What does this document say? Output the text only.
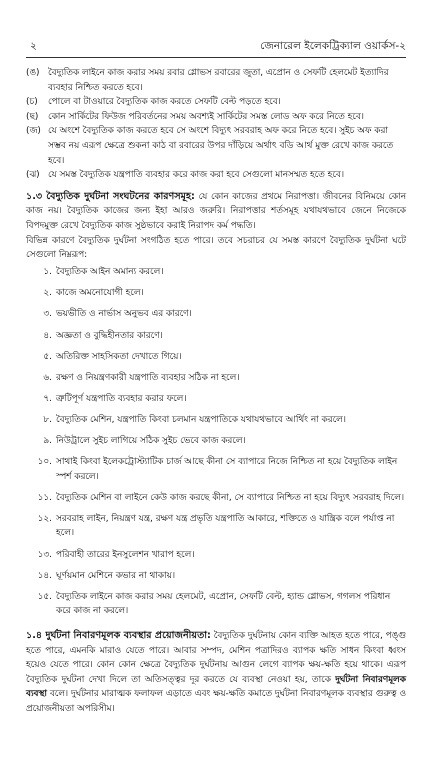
২	জেনারেল ইলেকট্রিক্যাল ওয়ার্কস-২
(ঙ) বৈদ্যুতিক লাইনে কাজ করার সময় রবার গ্লোভস রবারের জুতা, এপ্রোন ও সেফটি হেলমেট ইত্যাদির ব্যবহার নিশ্চিত করতে হবে।
(চ) পোলে বা টাওয়ারে বৈদ্যুতিক কাজ করতে সেফটি বেল্ট পড়তে হবে।
(ছ) কোন সার্কিটের ফিউজ পরিবর্তনের সময় অবশ্যই সার্কিটের সমস্ত লোড অফ করে নিতে হবে।
(জ) যে অংশে বৈদ্যুতিক কাজ করতে হবে সে অংশে বিদ্যুৎ সরবরাহ অফ করে নিতে হবে। সুইচ অফ করা সম্ভব নয় এরূপ ক্ষেত্রে শুকনা কাঠ বা রবারের উপর দাঁড়িয়ে অর্থাৎ বডি আর্থ মুক্ত রেখে কাজ করতে হবে।
(ঝ) যে সমস্ত বৈদ্যুতিক যন্ত্রপাতি ব্যবহার করে কাজ করা হবে সেগুলো মানসম্মত হতে হবে।

১.৩ বৈদ্যুতিক দুর্ঘটনা সংঘটনের কারণসমূহ: যে কোন কাজের প্রথমে নিরাপত্তা। জীবনের বিনিময়ে কোন কাজ নয়। বৈদ্যুতিক কাজের জন্য ইহা আরও জরুরি। নিরাপত্তার শর্তসমূহ যথাযথভাবে জেনে নিজেকে বিপদমুক্ত রেখে বৈদ্যুতিক কাজ সুষ্ঠভাবে করাই নিরাপদ কর্ম পদ্ধতি।

বিভিন্ন কারণে বৈদ্যুতিক দুর্ঘটনা সংগঠিত হতে পারে। তবে সচরাচর যে সমস্ত কারণে বৈদ্যুতিক দুর্ঘটনা ঘটে সেগুলো নিম্নরূপ:

১. বৈদ্যুতিক আইন অমান্য করলে।
২. কাজে অমনোযোগী হলে।
৩. ভয়ভীতি ও নার্ভাস অনুভব এর কারণে।
৪. অজ্ঞতা ও বুদ্ধিহীনতার কারণে।
৫. অতিরিক্ত সাহসিকতা দেখাতে গিয়ে।
৬. রক্ষণ ও নিয়ন্ত্রণকারী যন্ত্রপাতি ব্যবহার সঠিক না হলে।
৭. ত্রুটিপূর্ণ যন্ত্রপাতি ব্যবহার করার ফলে।
৮. বৈদ্যুতিক মেশিন, যন্ত্রপাতি কিংবা চলমান যন্ত্রপাতিকে যথাযথভাবে আর্থিং না করলে।
৯. নিউট্রালে সুইচ লাগিয়ে সঠিক সুইচ ভেবে কাজ করলে।
১০. সাথাই কিংবা ইলেকট্রোস্ট্যাটিক চার্জ আছে কীনা সে ব্যাপারে নিজে নিশ্চিত না হয়ে বৈদ্যুতিক লাইন স্পর্শ করলে।
১১. বৈদ্যুতিক মেশিন বা লাইনে কেউ কাজ করছে কীনা, সে ব্যাপারে নিশ্চিত না হয়ে বিদ্যুৎ সরবরাহ দিলে।
১২. সরবরাহ লাইন, নিয়ন্ত্রণ যন্ত্র, রক্ষণ যন্ত্র প্রভৃতি যন্ত্রপাতি আকারে, শক্তিতে ও যান্ত্রিক বলে পর্যাপ্ত না হলে।
১৩. পরিবাহী তারের ইনসুলেশন খারাপ হলে।
১৪. ঘূর্ণয়মান মেশিনে কভার না থাকায়।
১৫. বৈদ্যুতিক লাইনে কাজ করার সময় হেলমেট, এপ্রোন, সেফটি বেল্ট, হ্যান্ড গ্লোভস, গগলস পরিধান করে কাজ না করলে।

১.৪ দুর্ঘটনা নিবারণমূলক ব্যবস্থার প্রয়োজনীয়তা: বৈদ্যুতিক দুর্ঘটনায় কোন ব্যক্তি আহত হতে পারে, পঙ্গু হতে পারে, এমনকি মারাও যেতে পারে। আবার সম্পদ, মেশিন পত্রাদিরও ব্যাপক ক্ষতি সাধন কিংবা ধ্বংস হয়েও যেতে পারে। কোন কোন ক্ষেত্রে বৈদ্যুতিক দুর্ঘটনায় আগুন লেগে ব্যাপক ক্ষয়-ক্ষতি হয়ে থাকে। এরূপ বৈদ্যুতিক দুর্ঘটনা দেখা দিলে তা অতিসত্ত্বর দূর করতে যে ব্যবস্থা নেওয়া হয়, তাকে দুর্ঘটনা নিবারণমূলক ব্যবস্থা বলে। দুর্ঘটনার মারাত্মক ফলাফল এড়াতে এবং ক্ষয়-ক্ষতি কমাতে দুর্ঘটনা নিবারণমূলক ব্যবস্থার গুরুত্ব ও প্রয়োজনীয়তা অপরিসীম।
